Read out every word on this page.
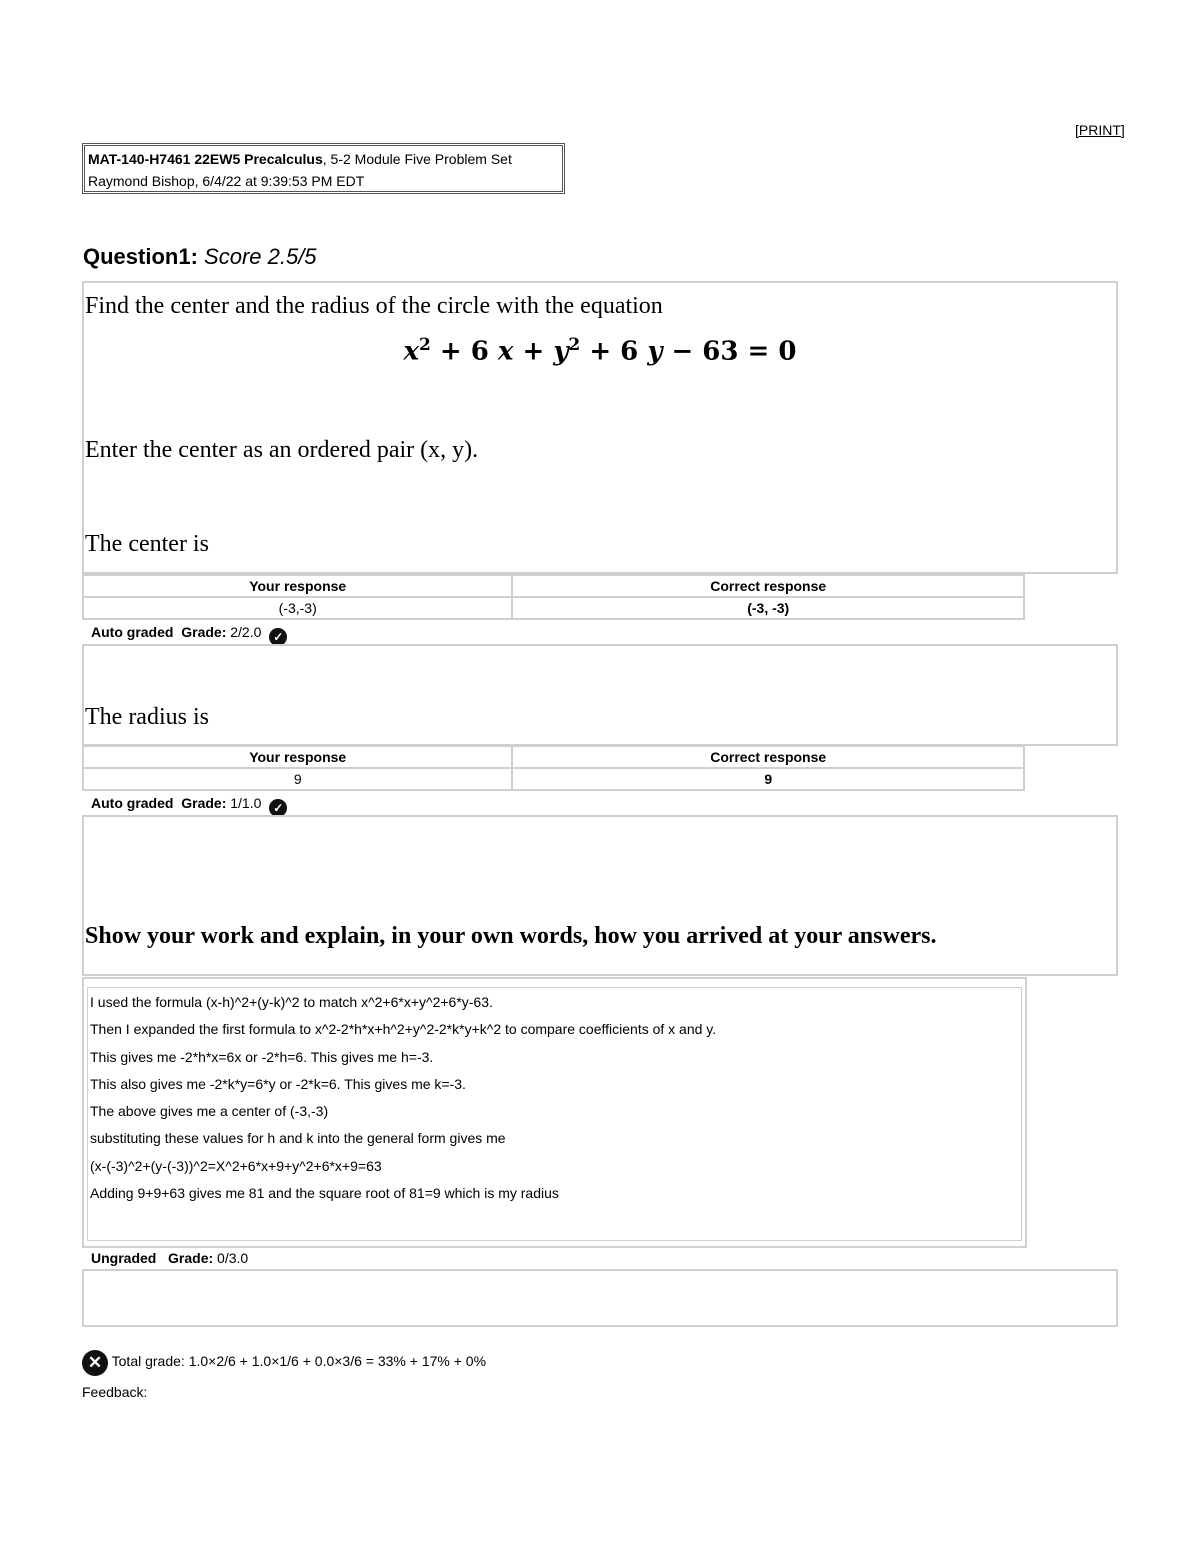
[PRINT]
MAT-140-H7461 22EW5 Precalculus, 5-2 Module Five Problem Set
Raymond Bishop, 6/4/22 at 9:39:53 PM EDT
Question1: Score 2.5/5
Find the center and the radius of the circle with the equation
$x^2 + 6$ $x + y^2 + 6$ y − 63 = 0
Enter the center as an ordered pair (x, y).
The center is
Your response	Correct response
(-3,-3)	(-3, -3)
Auto graded Grade: 2/2.0 ✓
The radius is
Your response	Correct response
9	9
Auto graded Grade: 1/1.0 ✓
Show your work and explain, in your own words, how you arrived at your answers.
I used the formula (x-h)^2+(y-k)^2 to match x^2+6*x+y^2+6*y-63.
Then I expanded the first formula to x^2-2*h*x+h^2+y^2-2*k*y+k^2 to compare coefficients of x and y.
This gives me -2*h*x=6x or -2*h=6. This gives me h=-3.
This also gives me -2*k*y=6*y or -2*k=6. This gives me k=-3.
The above gives me a center of (-3,-3)
substituting these values for h and k into the general form gives me
(x-(-3)^2+(y-(-3))^2=X^2+6*x+9+y^2+6*x+9=63
Adding 9+9+63 gives me 81 and the square root of 81=9 which is my radius
Ungraded Grade: 0/3.0
✕ Total grade: 1.0×2/6 + 1.0×1/6 + 0.0×3/6 = 33% + 17% + 0%
Feedback:
